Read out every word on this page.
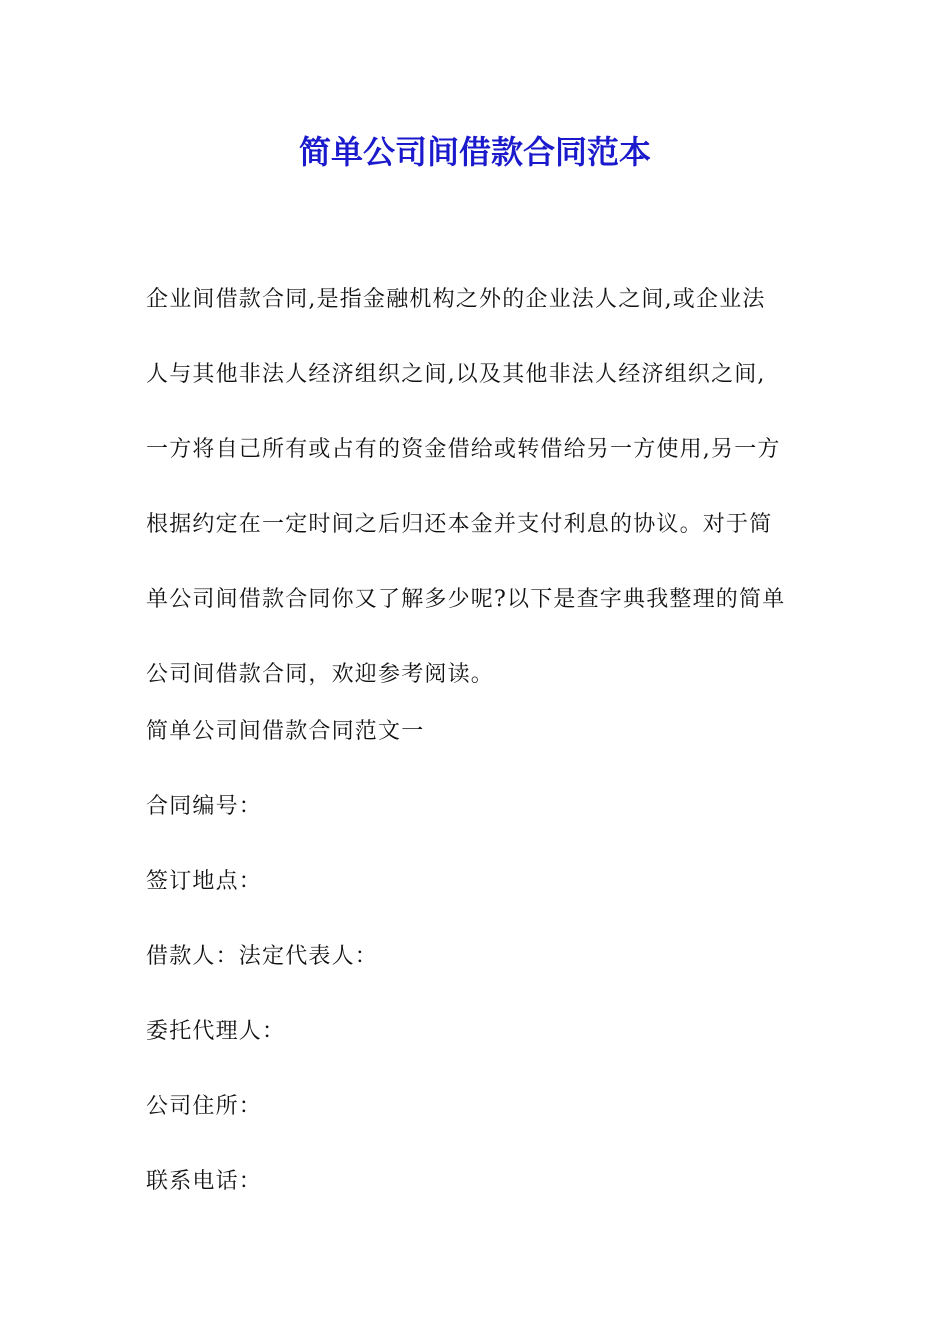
简单公司间借款合同范本

企业间借款合同,是指金融机构之外的企业法人之间,或企业法
人与其他非法人经济组织之间,以及其他非法人经济组织之间,
一方将自己所有或占有的资金借给或转借给另一方使用,另一方
根据约定在一定时间之后归还本金并支付利息的协议。对于简
单公司间借款合同你又了解多少呢?以下是查字典我整理的简单
公司间借款合同，欢迎参考阅读。

简单公司间借款合同范文一

合同编号：

签订地点：

借款人：法定代表人：

委托代理人：

公司住所：

联系电话：
